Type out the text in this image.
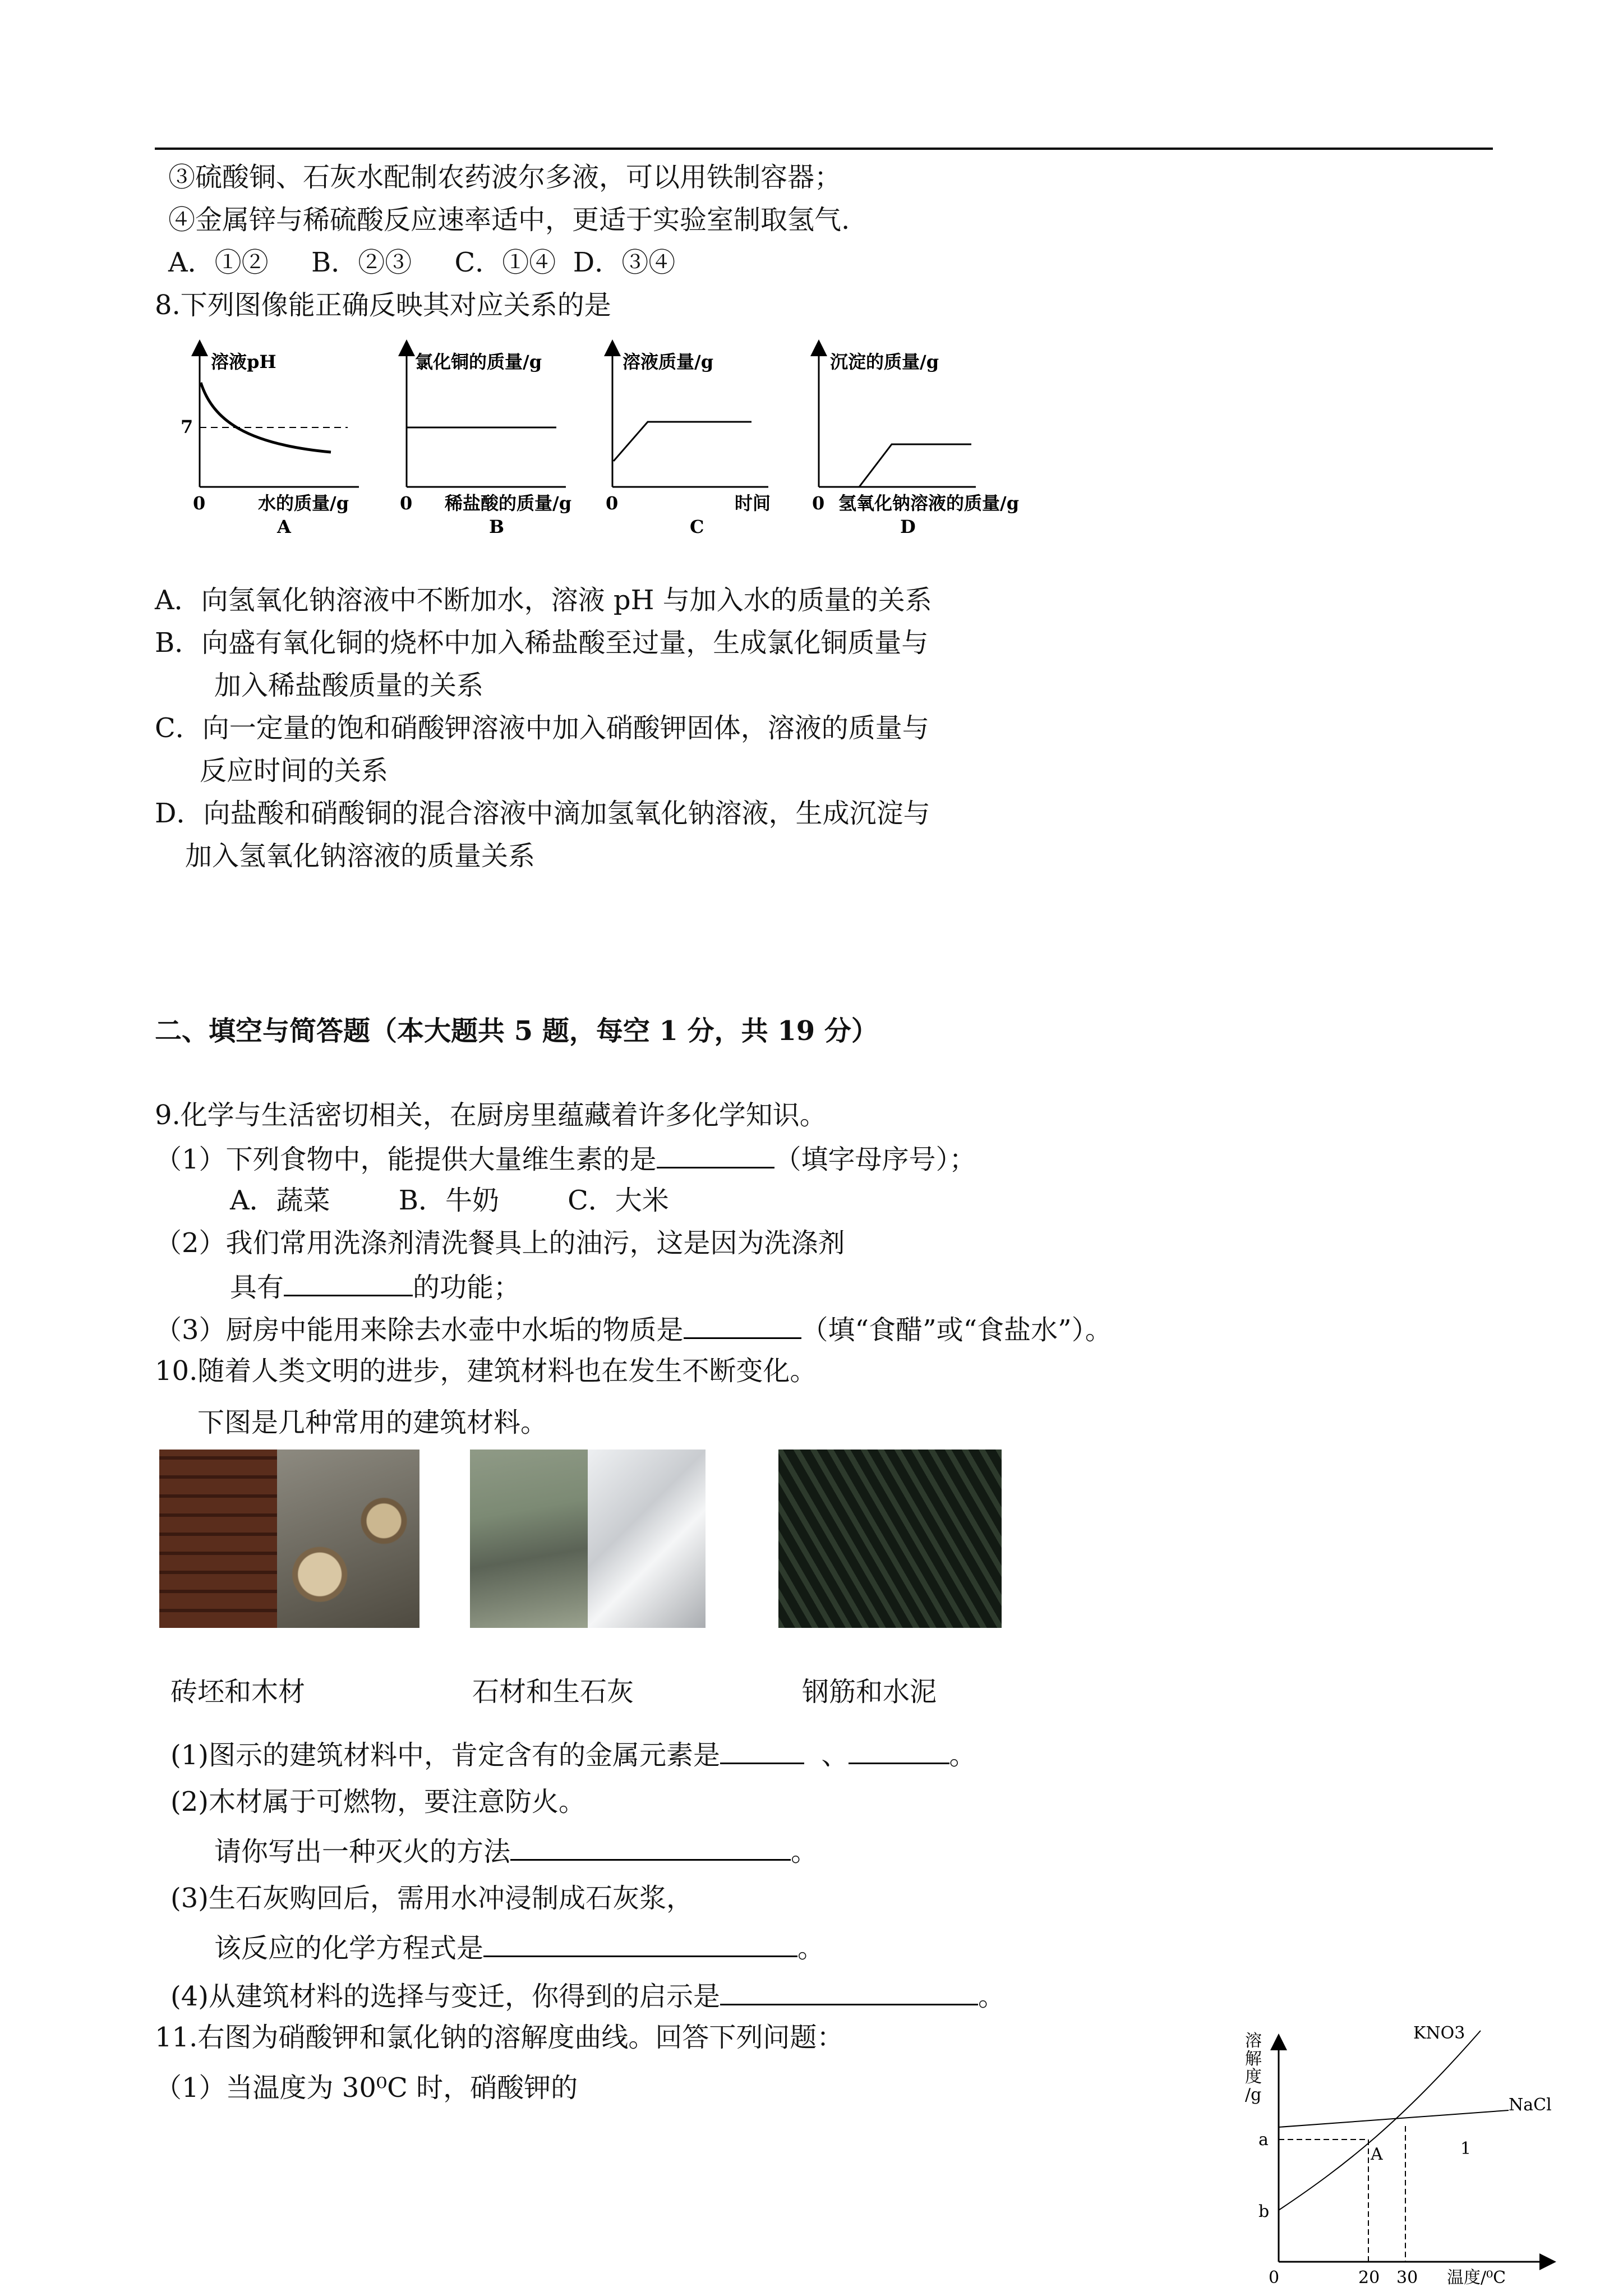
③硫酸铜、石灰水配制农药波尔多液，可以用铁制容器；
④金属锌与稀硫酸反应速率适中，更适于实验室制取氢气.
A．①②     B．②③     C．①④  D．③④
8.下列图像能正确反映其对应关系的是
溶液pH
0	水的质量/g
A
7
氯化铜的质量/g
0 稀盐酸的质量/g
B
溶液质量/g
0	时间
C
沉淀的质量/g
0 氢氧化钠溶液的质量/g
D
A．向氢氧化钠溶液中不断加水，溶液 pH 与加入水的质量的关系
B．向盛有氧化铜的烧杯中加入稀盐酸至过量，生成氯化铜质量与
加入稀盐酸质量的关系
C．向一定量的饱和硝酸钾溶液中加入硝酸钾固体，溶液的质量与
反应时间的关系
D．向盐酸和硝酸铜的混合溶液中滴加氢氧化钠溶液，生成沉淀与
加入氢氧化钠溶液的质量关系
二、填空与简答题（本大题共 5 题，每空 1 分，共 19 分）
9.化学与生活密切相关，在厨房里蕴藏着许多化学知识。
（1）下列食物中，能提供大量维生素的是	（填字母序号）；
A．蔬菜        B．牛奶        C．大米
（2）我们常用洗涤剂清洗餐具上的油污，这是因为洗涤剂
具有	的功能；
（3）厨房中能用来除去水壶中水垢的物质是	（填“食醋”或“食盐水”）。
10.随着人类文明的进步，建筑材料也在发生不断变化。
下图是几种常用的建筑材料。
砖坯和木材	石材和生石灰	钢筋和水泥
(1)图示的建筑材料中，肯定含有的金属元素是	、	。
(2)木材属于可燃物，要注意防火。
请你写出一种灭火的方法	。
(3)生石灰购回后，需用水冲浸制成石灰浆，
该反应的化学方程式是	。
(4)从建筑材料的选择与变迁，你得到的启示是	。
11.右图为硝酸钾和氯化钠的溶解度曲线。回答下列问题：
（1）当温度为 30⁰C 时，硝酸钾的
溶
解
度
/g
KNO3
NaCl
A
a
b
0	20 30 温度/⁰C
1
